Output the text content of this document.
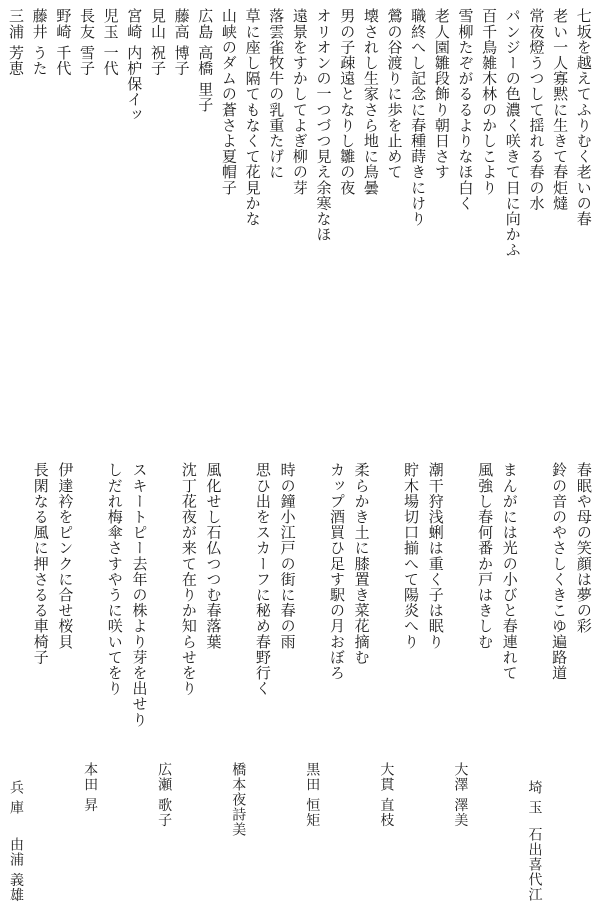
七坂を越えてふりむく老いの春
老い一人寡黙に生きて春炬燵
常夜燈うつして揺れる春の水
パンジーの色濃く咲きて日に向かふ
百千鳥雑木林のかしこより
雪柳たぞがるるよりなほ白く
老人園雛段飾り朝日さす
職終へし記念に春種蒔きにけり
鶯の谷渡りに歩を止めて
壊されし生家さら地に鳥曇
男の子疎遠となりし雛の夜
オリオンの一つづつ見え余寒なほ
遠景をすかしてよぎ柳の芽
落雲雀牧牛の乳重たげに
草に座し隔てもなくて花見かな
山峡のダムの蒼さよ夏帽子
広島 高橋 里子
藤高 博子
見山 祝子
宮崎 内枦保イッ
児玉 一代
長友 雪子
野崎 千代
藤井 うた
三浦 芳恵
春眠や母の笑顔は夢の彩
鈴の音のやさしくきこゆ遍路道
埼玉
石出喜代江
まんがには光の小びと春連れて
風強し春何番か戸はきしむ
大澤 澤美
潮干狩浅蜊は重く子は眠り
貯木場切口揃へて陽炎へり
大貫 直枝
柔らかき土に膝置き菜花摘む
カップ酒買ひ足す駅の月おぼろ
黒田 恒矩
時の鐘小江戸の街に春の雨
思ひ出をスカーフに秘め春野行く
橋本夜詩美
風化せし石仏つつむ春落葉
沈丁花夜が来て在りか知らせをり
広瀬 歌子
スキートピー去年の株より芽を出せり
しだれ梅傘さすやうに咲いてをり
本田 昇
伊達衿をピンクに合せ桜貝
長閑なる風に押さるる車椅子
兵庫
由浦 義雄
